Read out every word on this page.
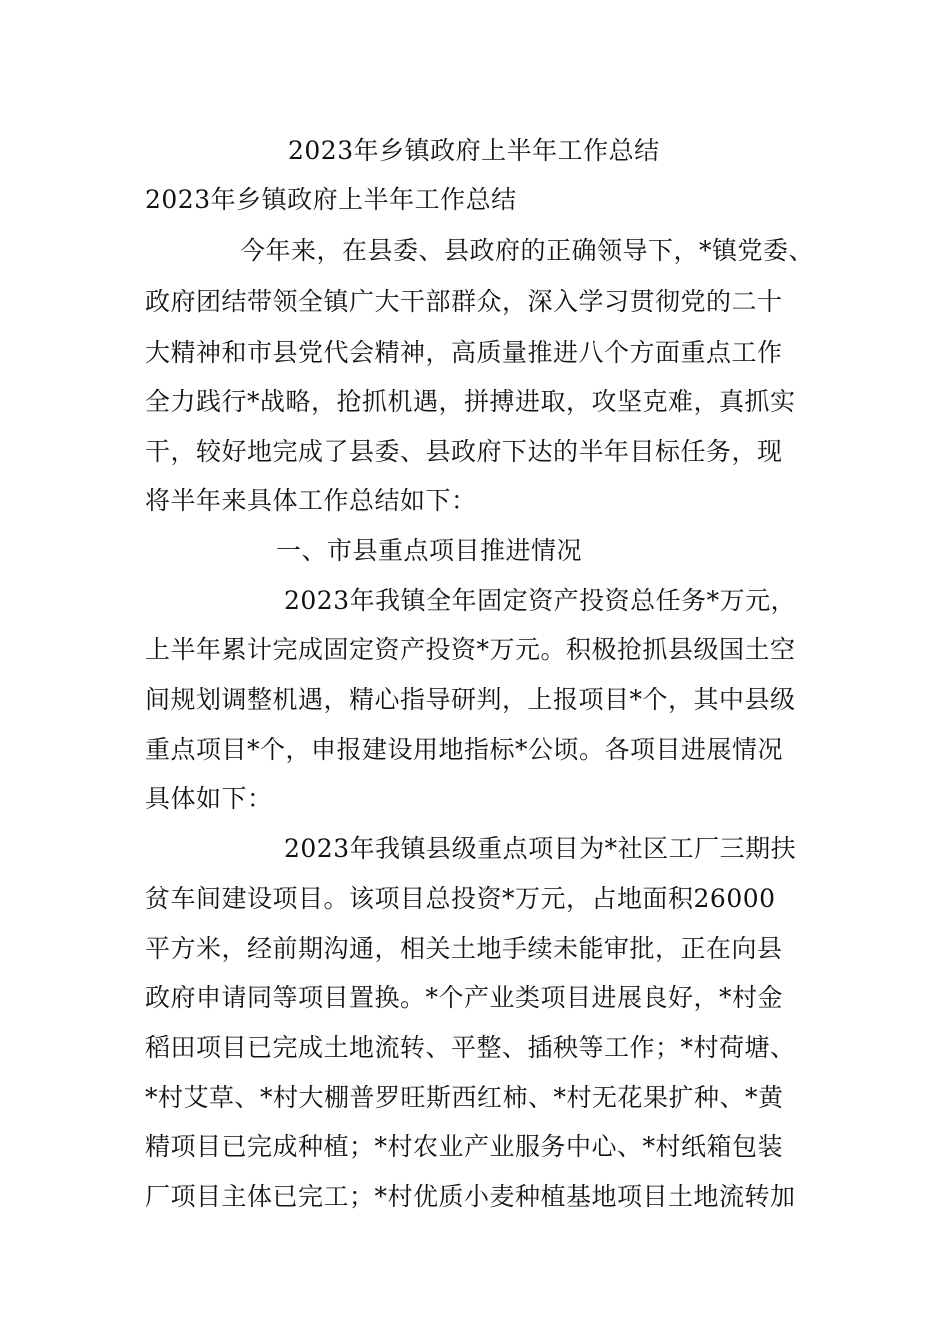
2023年乡镇政府上半年工作总结
2023年乡镇政府上半年工作总结
今年来，在县委、县政府的正确领导下，*镇党委、
政府团结带领全镇广大干部群众，深入学习贯彻党的二十
大精神和市县党代会精神，高质量推进八个方面重点工作
全力践行*战略，抢抓机遇，拼搏进取，攻坚克难，真抓实
干，较好地完成了县委、县政府下达的半年目标任务，现
将半年来具体工作总结如下：
一、市县重点项目推进情况
2023年我镇全年固定资产投资总任务*万元，
上半年累计完成固定资产投资*万元。积极抢抓县级国土空
间规划调整机遇，精心指导研判，上报项目*个，其中县级
重点项目*个，申报建设用地指标*公顷。各项目进展情况
具体如下：
2023年我镇县级重点项目为*社区工厂三期扶
贫车间建设项目。该项目总投资*万元，占地面积26000
平方米，经前期沟通，相关土地手续未能审批，正在向县
政府申请同等项目置换。*个产业类项目进展良好，*村金
稻田项目已完成土地流转、平整、插秧等工作；*村荷塘、
*村艾草、*村大棚普罗旺斯西红柿、*村无花果扩种、*黄
精项目已完成种植；*村农业产业服务中心、*村纸箱包装
厂项目主体已完工；*村优质小麦种植基地项目土地流转加
